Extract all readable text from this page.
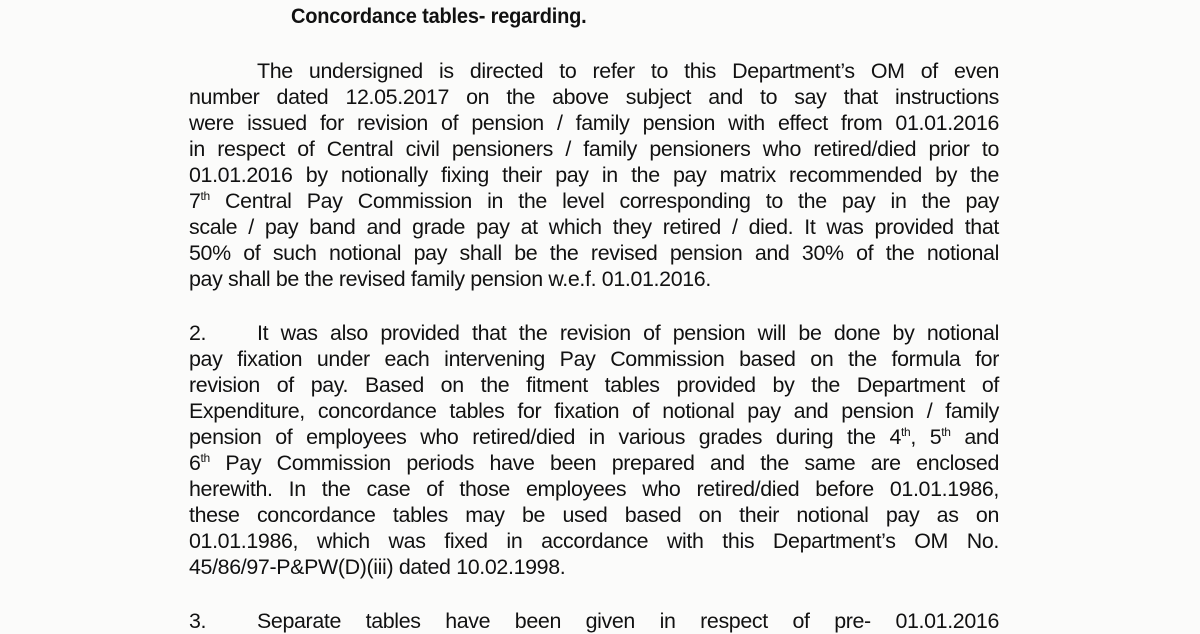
Concordance tables- regarding.
The undersigned is directed to refer to this Department’s OM of even
number dated 12.05.2017 on the above subject and to say that instructions
were issued for revision of pension / family pension with effect from 01.01.2016
in respect of Central civil pensioners / family pensioners who retired/died prior to
01.01.2016 by notionally fixing their pay in the pay matrix recommended by the
7th Central Pay Commission in the level corresponding to the pay in the pay
scale / pay band and grade pay at which they retired / died. It was provided that
50% of such notional pay shall be the revised pension and 30% of the notional
pay shall be the revised family pension w.e.f. 01.01.2016.
2. It was also provided that the revision of pension will be done by notional
pay fixation under each intervening Pay Commission based on the formula for
revision of pay. Based on the fitment tables provided by the Department of
Expenditure, concordance tables for fixation of notional pay and pension / family
pension of employees who retired/died in various grades during the 4th, 5th and
6th Pay Commission periods have been prepared and the same are enclosed
herewith. In the case of those employees who retired/died before 01.01.1986,
these concordance tables may be used based on their notional pay as on
01.01.1986, which was fixed in accordance with this Department’s OM No.
45/86/97-P&PW(D)(iii) dated 10.02.1998.
3. Separate tables have been given in respect of pre- 01.01.2016
